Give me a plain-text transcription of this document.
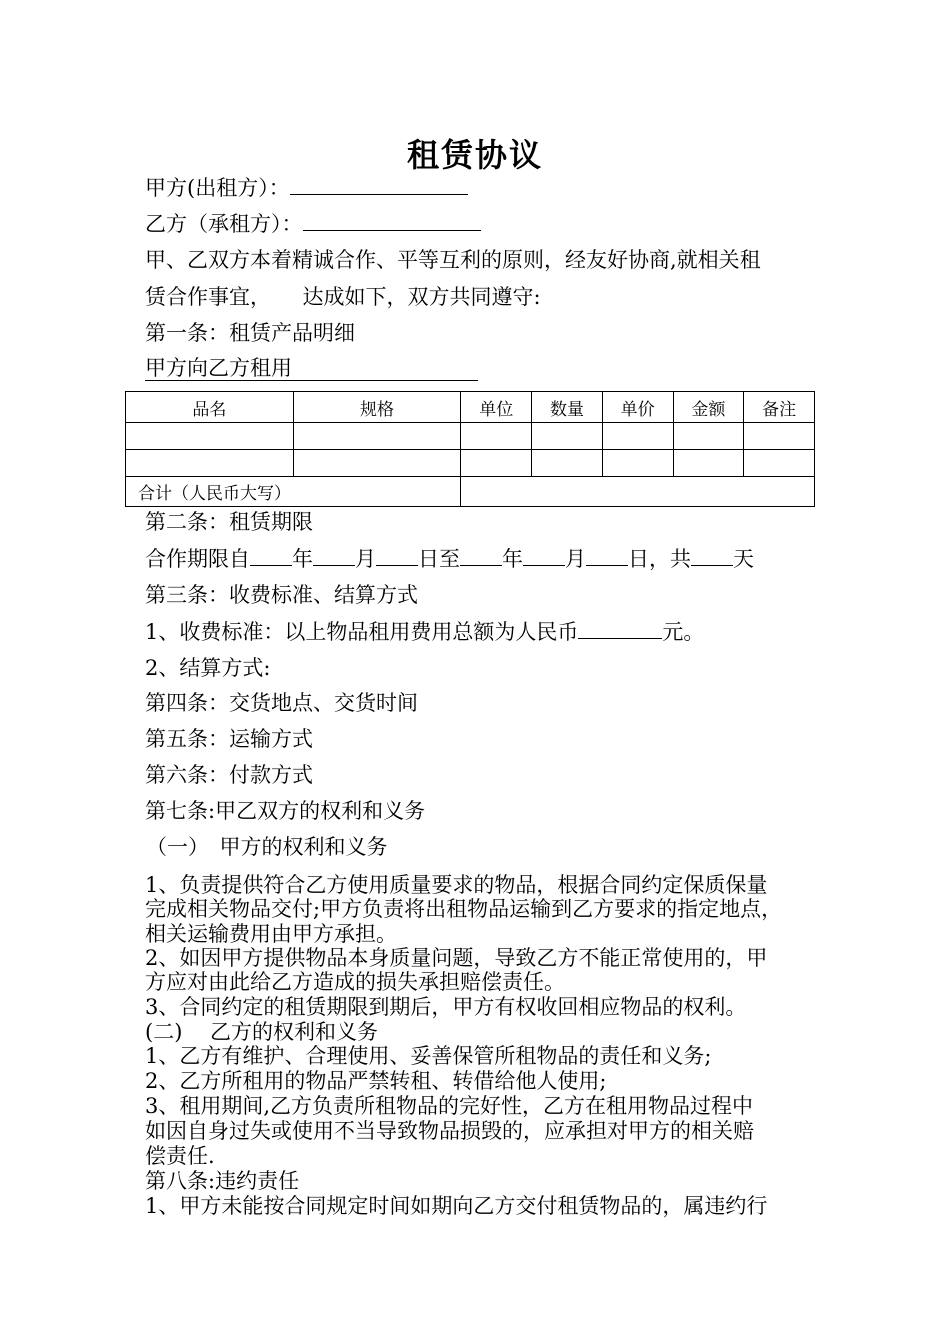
租赁协议
甲方(出租方）：
乙方（承租方）：
甲、乙双方本着精诚合作、平等互利的原则，经友好协商,就相关租
赁合作事宜，　　达成如下，双方共同遵守:
第一条：租赁产品明细
甲方向乙方租用
品名	规格	单位	数量	单价	金额	备注

合计（人民币大写）						
第二条：租赁期限
合作期限自 年 月 日至 年 月 日，共 天
第三条：收费标准、结算方式
1、收费标准：以上物品租用费用总额为人民币	元。
2、结算方式:
第四条：交货地点、交货时间
第五条：运输方式
第六条：付款方式
第七条:甲乙双方的权利和义务
（一）　甲方的权利和义务
1、负责提供符合乙方使用质量要求的物品，根据合同约定保质保量
完成相关物品交付;甲方负责将出租物品运输到乙方要求的指定地点，
相关运输费用由甲方承担。
2、如因甲方提供物品本身质量问题，导致乙方不能正常使用的，甲
方应对由此给乙方造成的损失承担赔偿责任。
3、合同约定的租赁期限到期后，甲方有权收回相应物品的权利。
(二)　 乙方的权利和义务
1、乙方有维护、合理使用、妥善保管所租物品的责任和义务;
2、乙方所租用的物品严禁转租、转借给他人使用;
3、租用期间,乙方负责所租物品的完好性，乙方在租用物品过程中
如因自身过失或使用不当导致物品损毁的，应承担对甲方的相关赔
偿责任.
第八条:违约责任
1、甲方未能按合同规定时间如期向乙方交付租赁物品的，属违约行
